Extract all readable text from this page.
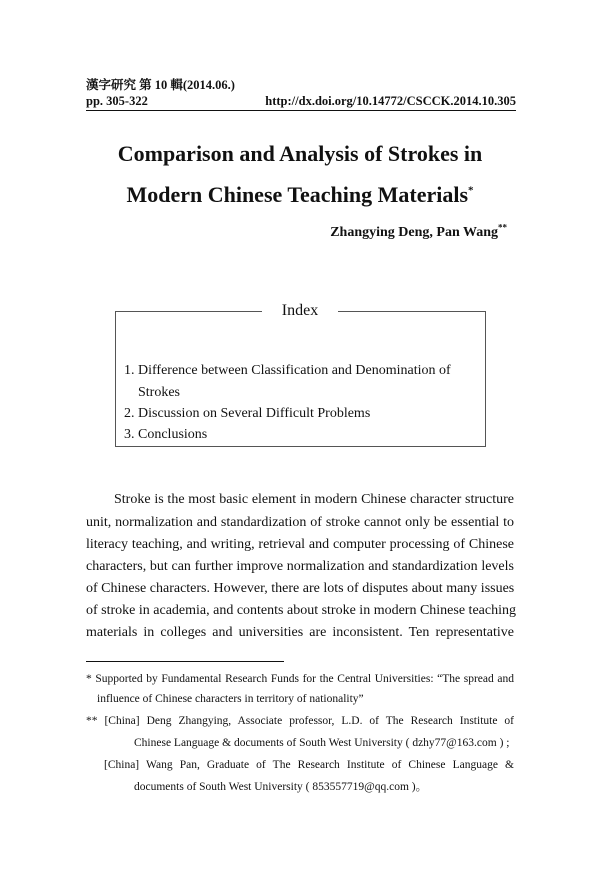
漢字研究 第 10 輯(2014.06.)
pp. 305-322	http://dx.doi.org/10.14772/CSCCK.2014.10.305
Comparison and Analysis of Strokes in
Modern Chinese Teaching Materials*
Zhangying Deng, Pan Wang**
Index
1. Difference between Classification and Denomination of
Strokes
2. Discussion on Several Difficult Problems
3. Conclusions
Stroke is the most basic element in modern Chinese character structure
unit, normalization and standardization of stroke cannot only be essential to
literacy teaching, and writing, retrieval and computer processing of Chinese
characters, but can further improve normalization and standardization levels
of Chinese characters. However, there are lots of disputes about many issues
of stroke in academia, and contents about stroke in modern Chinese teaching
materials in colleges and universities are inconsistent. Ten representative
* Supported by Fundamental Research Funds for the Central Universities: “The spread and
influence of Chinese characters in territory of nationality”
** [China] Deng Zhangying, Associate professor, L.D. of The Research Institute of
Chinese Language & documents of South West University ( dzhy77@163.com ) ;
[China] Wang Pan, Graduate of The Research Institute of Chinese Language &
documents of South West University ( 853557719@qq.com )。
